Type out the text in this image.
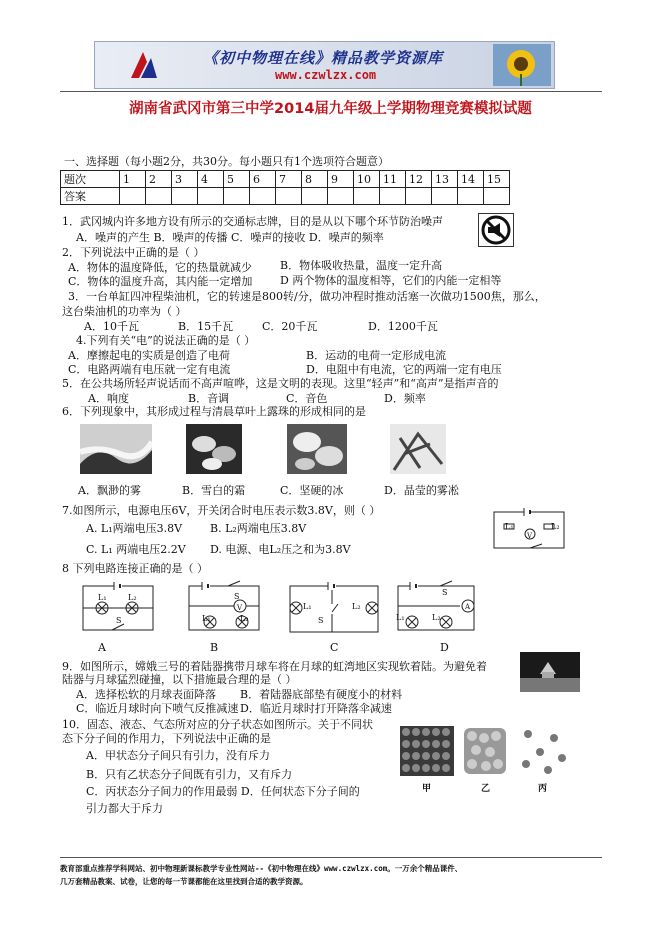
《初中物理在线》精品教学资源库
www.czwlzx.com
湖南省武冈市第三中学2014届九年级上学期物理竞赛模拟试题
一、选择题（每小题2分，共30分。每小题只有1个选项符合题意）
题次	1	2	3	4	5	6	7	8	9	10	11	12	13	14	15
答案															
1．武冈城内许多地方设有所示的交通标志牌，目的是从以下哪个环节防治噪声
A．噪声的产生 B．噪声的传播 C．噪声的接收 D．噪声的频率
2．下列说法中正确的是（ ）
A．物体的温度降低，它的热量就减少	B．物体吸收热量，温度一定升高
C．物体的温度升高，其内能一定增加	D 两个物体的温度相等，它们的内能一定相等
3．一台单缸四冲程柴油机，它的转速是800转/分，做功冲程时推动活塞一次做功1500焦，那么，
这台柴油机的功率为（ ）
A．10千瓦	B．15千瓦	C．20千瓦	D．1200千瓦
4.下列有关“电”的说法正确的是（ ）
A．摩擦起电的实质是创造了电荷	B．运动的电荷一定形成电流
C．电路两端有电压就一定有电流	D．电阻中有电流，它的两端一定有电压
5．在公共场所轻声说话而不高声喧哗，这是文明的表现。这里“轻声”和“高声”是指声音的
A．响度	B．音调	C．音色	D．频率
6．下列现象中，其形成过程与清晨草叶上露珠的形成相同的是
A．飘渺的雾	B．雪白的霜	C．坚硬的冰	D．晶莹的雾凇
7.如图所示，电源电压6V，开关闭合时电压表示数3.8V，则（ ）
A. L₁两端电压3.8V	B. L₂两端电压3.8V
C. L₁ 两端电压2.2V D. 电源、电L₂压之和为3.8V
L₁	L₂
V
8 下列电路连接正确的是（ ）
L₁	L₂
S
V
S
L₁	L₂
L₁	L₂
S
A
S
L₁	L₂
A	B	C	D
9．如图所示，嫦娥三号的着陆器携带月球车将在月球的虹湾地区实现软着陆。为避免着
陆器与月球猛烈碰撞，以下措施最合理的是（ ）
A．选择松软的月球表面降落 B．着陆器底部垫有硬度小的材料
C．临近月球时向下喷气反推减速 D．临近月球时打开降落伞减速
10．固态、液态、气态所对应的分子状态如图所示。关于不同状
态下分子间的作用力，下列说法中正确的是
A．甲状态分子间只有引力，没有斥力
B．只有乙状态分子间既有引力，又有斥力
C．丙状态分子间力的作用最弱 D．任何状态下分子间的
引力都大于斥力
甲	乙	丙
教育部重点推荐学科网站、初中物理新课标教学专业性网站--《初中物理在线》www.czwlzx.com。一万余个精品课件、
几万套精品教案、试卷，让您的每一节课都能在这里找到合适的教学资源。
